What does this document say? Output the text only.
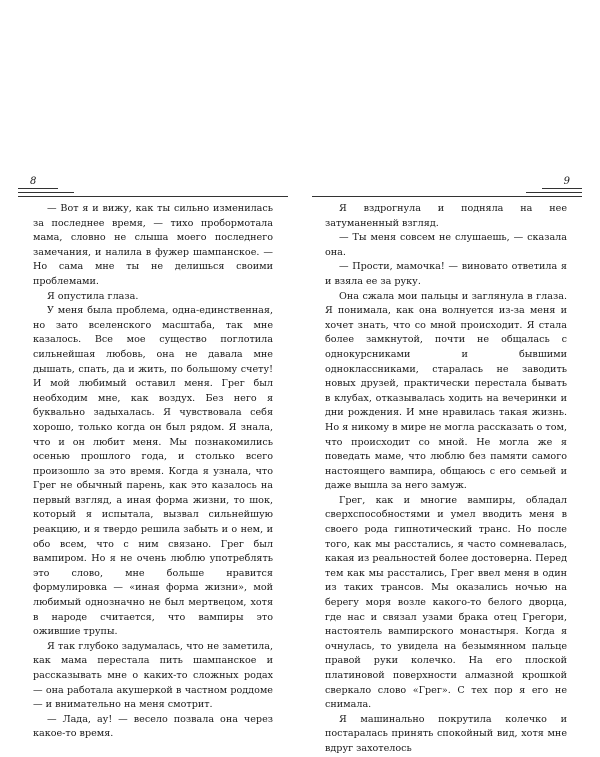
8

— Вот я и вижу, как ты сильно изменилась за последнее время, — тихо пробормотала мама, словно не слыша моего последнего замечания, и налила в фужер шампанское. — Но сама мне ты не делишься своими проблемами.

Я опустила глаза.

У меня была проблема, одна-единственная, но зато вселенского масштаба, так мне казалось. Все мое существо поглотила сильнейшая любовь, она не давала мне дышать, спать, да и жить, по большому счету! И мой любимый оставил меня. Грег был необходим мне, как воздух. Без него я буквально задыхалась. Я чувствовала себя хорошо, только когда он был рядом. Я знала, что и он любит меня. Мы познакомились осенью прошлого года, и столько всего произошло за это время. Когда я узнала, что Грег не обычный парень, как это казалось на первый взгляд, а иная форма жизни, то шок, который я испытала, вызвал сильнейшую реакцию, и я твердо решила забыть и о нем, и обо всем, что с ним связано. Грег был вампиром. Но я не очень люблю употреблять это слово, мне больше нравится формулировка — «иная форма жизни», мой любимый однозначно не был мертвецом, хотя в народе считается, что вампиры это ожившие трупы.

Я так глубоко задумалась, что не заметила, как мама перестала пить шампанское и рассказывать мне о каких-то сложных родах — она работала акушеркой в частном роддоме — и внимательно на меня смотрит.

— Лада, ау! — весело позвала она через какое-то время.

9

Я вздрогнула и подняла на нее затуманенный взгляд.

— Ты меня совсем не слушаешь, — сказала она.

— Прости, мамочка! — виновато ответила я и взяла ее за руку.

Она сжала мои пальцы и заглянула в глаза. Я понимала, как она волнуется из-за меня и хочет знать, что со мной происходит. Я стала более замкнутой, почти не общалась с однокурсниками и бывшими одноклассниками, старалась не заводить новых друзей, практически перестала бывать в клубах, отказывалась ходить на вечеринки и дни рождения. И мне нравилась такая жизнь. Но я никому в мире не могла рассказать о том, что происходит со мной. Не могла же я поведать маме, что люблю без памяти самого настоящего вампира, общаюсь с его семьей и даже вышла за него замуж.

Грег, как и многие вампиры, обладал сверхспособностями и умел вводить меня в своего рода гипнотический транс. Но после того, как мы расстались, я часто сомневалась, какая из реальностей более достоверна. Перед тем как мы расстались, Грег ввел меня в один из таких трансов. Мы оказались ночью на берегу моря возле какого-то белого дворца, где нас и связал узами брака отец Грегори, настоятель вампирского монастыря. Когда я очнулась, то увидела на безымянном пальце правой руки колечко. На его плоской платиновой поверхности алмазной крошкой сверкало слово «Грег». С тех пор я его не снимала.

Я машинально покрутила колечко и постаралась принять спокойный вид, хотя мне вдруг захотелось
